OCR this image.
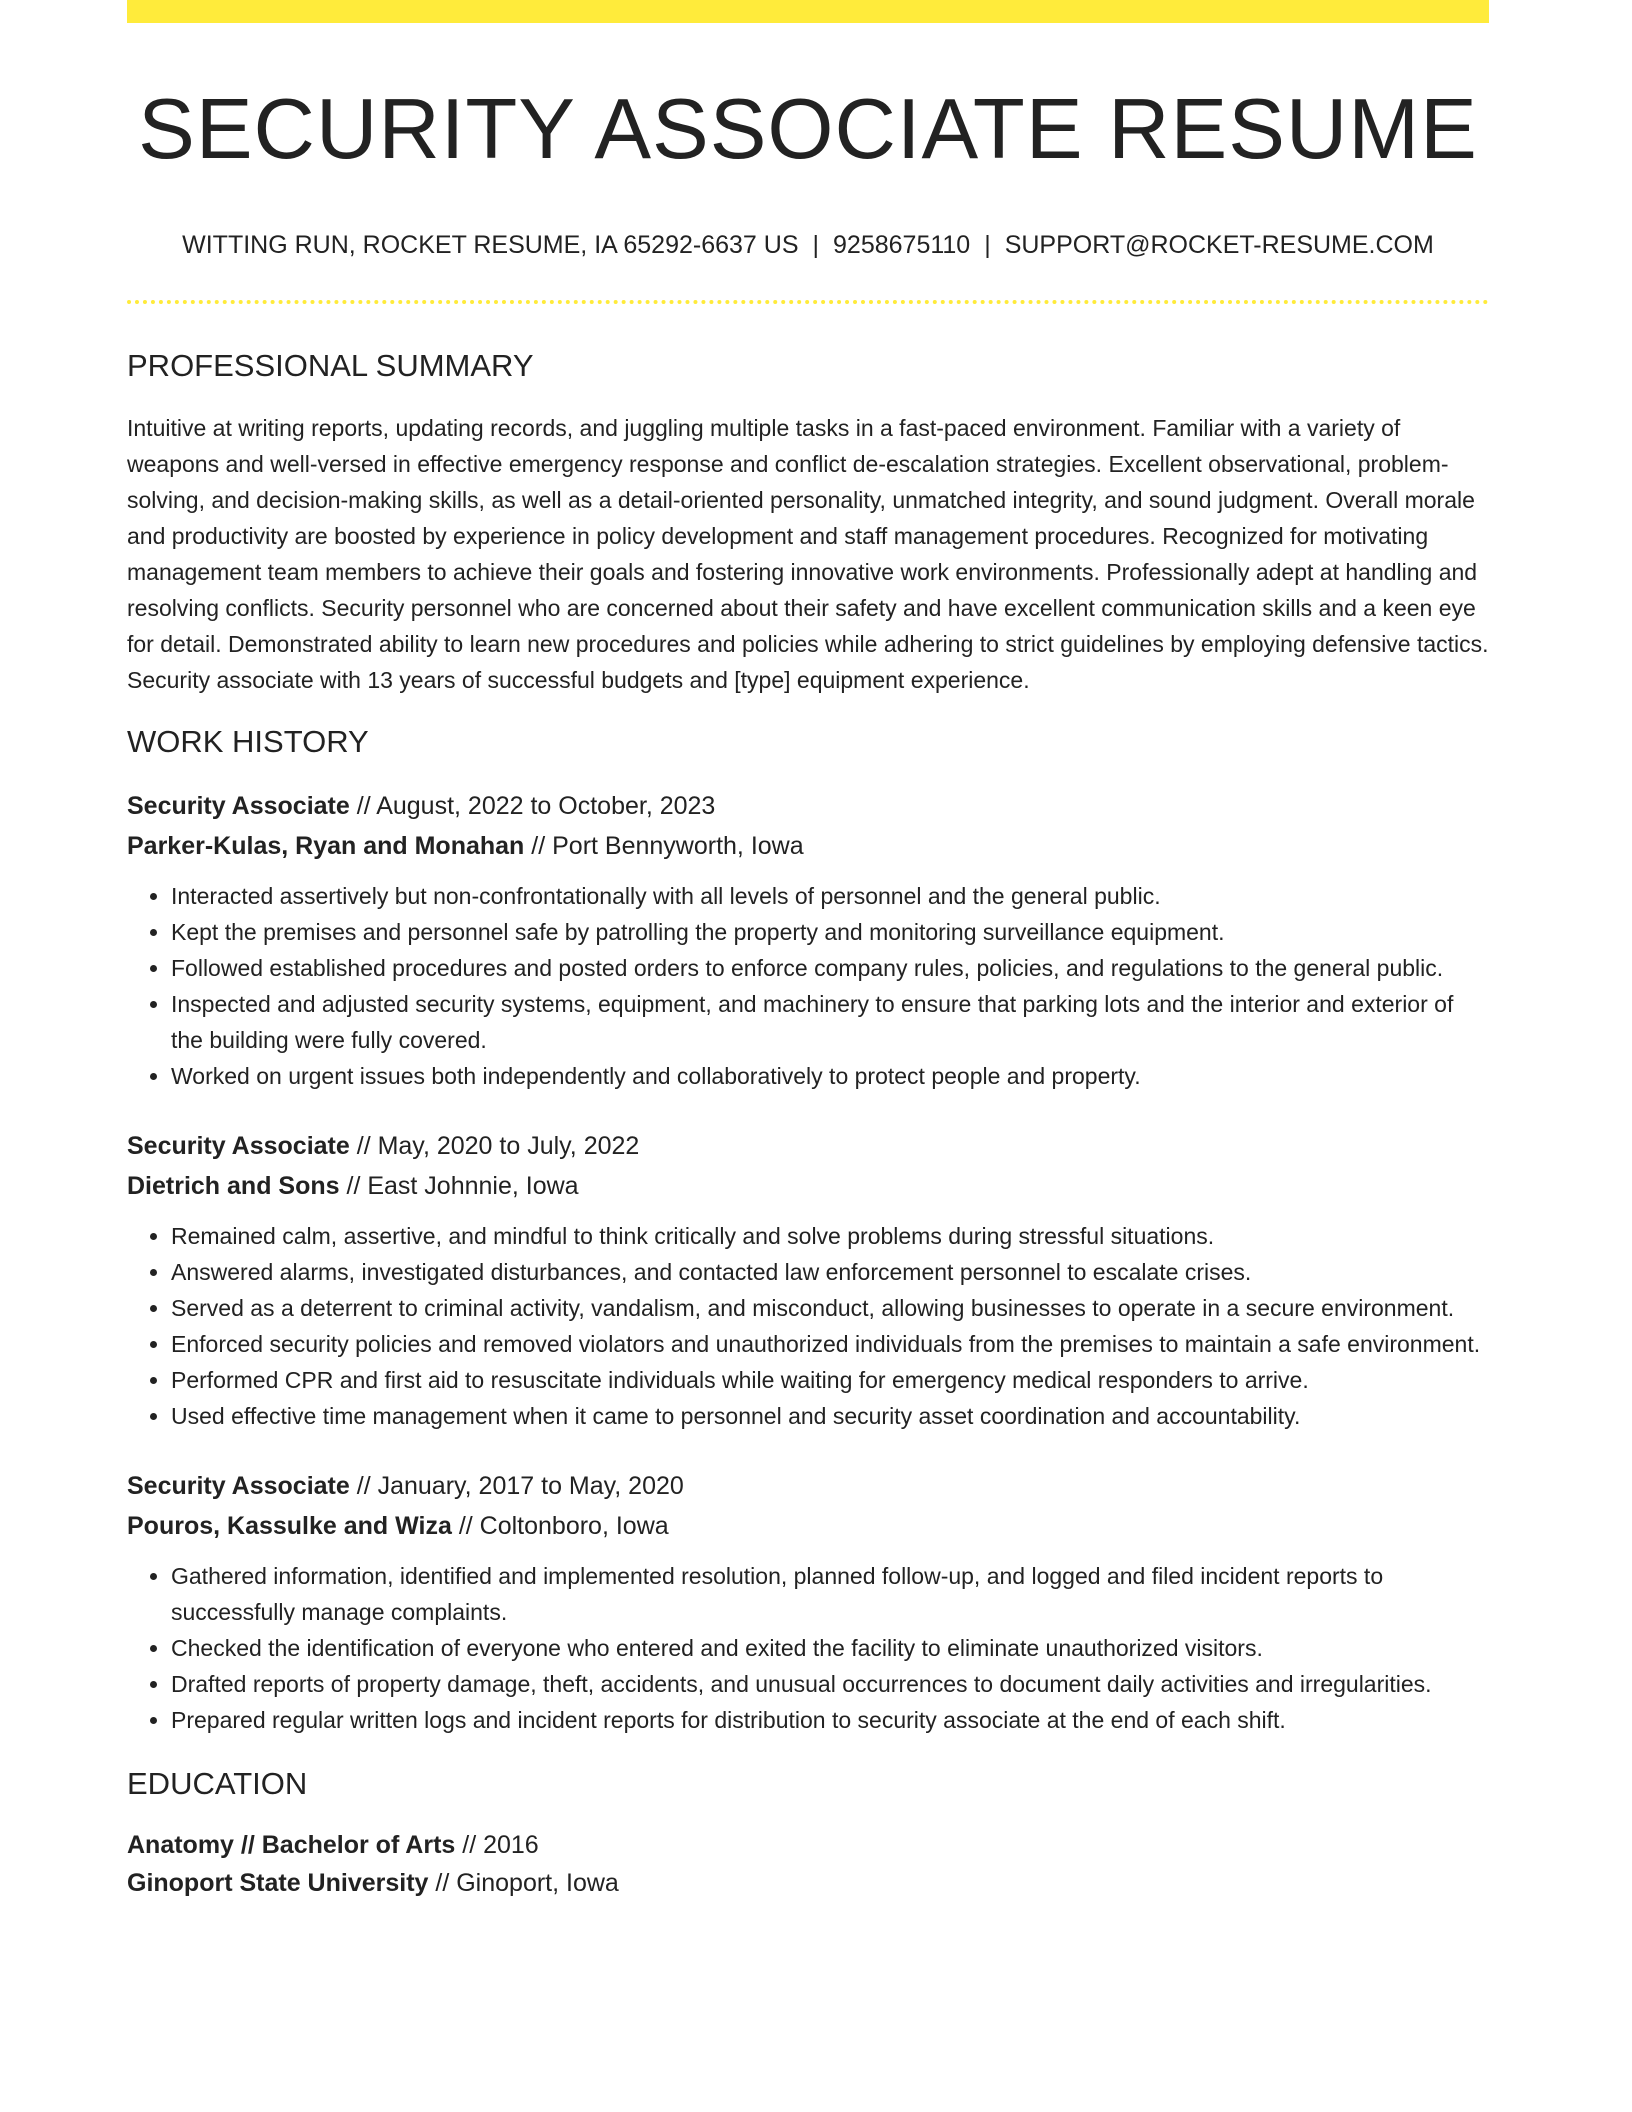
SECURITY ASSOCIATE RESUME
WITTING RUN, ROCKET RESUME, IA 65292-6637 US | 9258675110 | SUPPORT@ROCKET-RESUME.COM
PROFESSIONAL SUMMARY

Intuitive at writing reports, updating records, and juggling multiple tasks in a fast-paced environment. Familiar with a variety of weapons and well-versed in effective emergency response and conflict de-escalation strategies. Excellent observational, problem-solving, and decision-making skills, as well as a detail-oriented personality, unmatched integrity, and sound judgment. Overall morale and productivity are boosted by experience in policy development and staff management procedures. Recognized for motivating management team members to achieve their goals and fostering innovative work environments. Professionally adept at handling and resolving conflicts. Security personnel who are concerned about their safety and have excellent communication skills and a keen eye for detail. Demonstrated ability to learn new procedures and policies while adhering to strict guidelines by employing defensive tactics. Security associate with 13 years of successful budgets and [type] equipment experience.

WORK HISTORY
Security Associate // August, 2022 to October, 2023
Parker-Kulas, Ryan and Monahan // Port Bennyworth, Iowa
• Interacted assertively but non-confrontationally with all levels of personnel and the general public.
• Kept the premises and personnel safe by patrolling the property and monitoring surveillance equipment.
• Followed established procedures and posted orders to enforce company rules, policies, and regulations to the general public.
• Inspected and adjusted security systems, equipment, and machinery to ensure that parking lots and the interior and exterior of the building were fully covered.
• Worked on urgent issues both independently and collaboratively to protect people and property.
Security Associate // May, 2020 to July, 2022
Dietrich and Sons // East Johnnie, Iowa
• Remained calm, assertive, and mindful to think critically and solve problems during stressful situations.
• Answered alarms, investigated disturbances, and contacted law enforcement personnel to escalate crises.
• Served as a deterrent to criminal activity, vandalism, and misconduct, allowing businesses to operate in a secure environment.
• Enforced security policies and removed violators and unauthorized individuals from the premises to maintain a safe environment.
• Performed CPR and first aid to resuscitate individuals while waiting for emergency medical responders to arrive.
• Used effective time management when it came to personnel and security asset coordination and accountability.
Security Associate // January, 2017 to May, 2020
Pouros, Kassulke and Wiza // Coltonboro, Iowa
• Gathered information, identified and implemented resolution, planned follow-up, and logged and filed incident reports to successfully manage complaints.
• Checked the identification of everyone who entered and exited the facility to eliminate unauthorized visitors.
• Drafted reports of property damage, theft, accidents, and unusual occurrences to document daily activities and irregularities.
• Prepared regular written logs and incident reports for distribution to security associate at the end of each shift.
EDUCATION
Anatomy // Bachelor of Arts // 2016
Ginoport State University // Ginoport, Iowa
